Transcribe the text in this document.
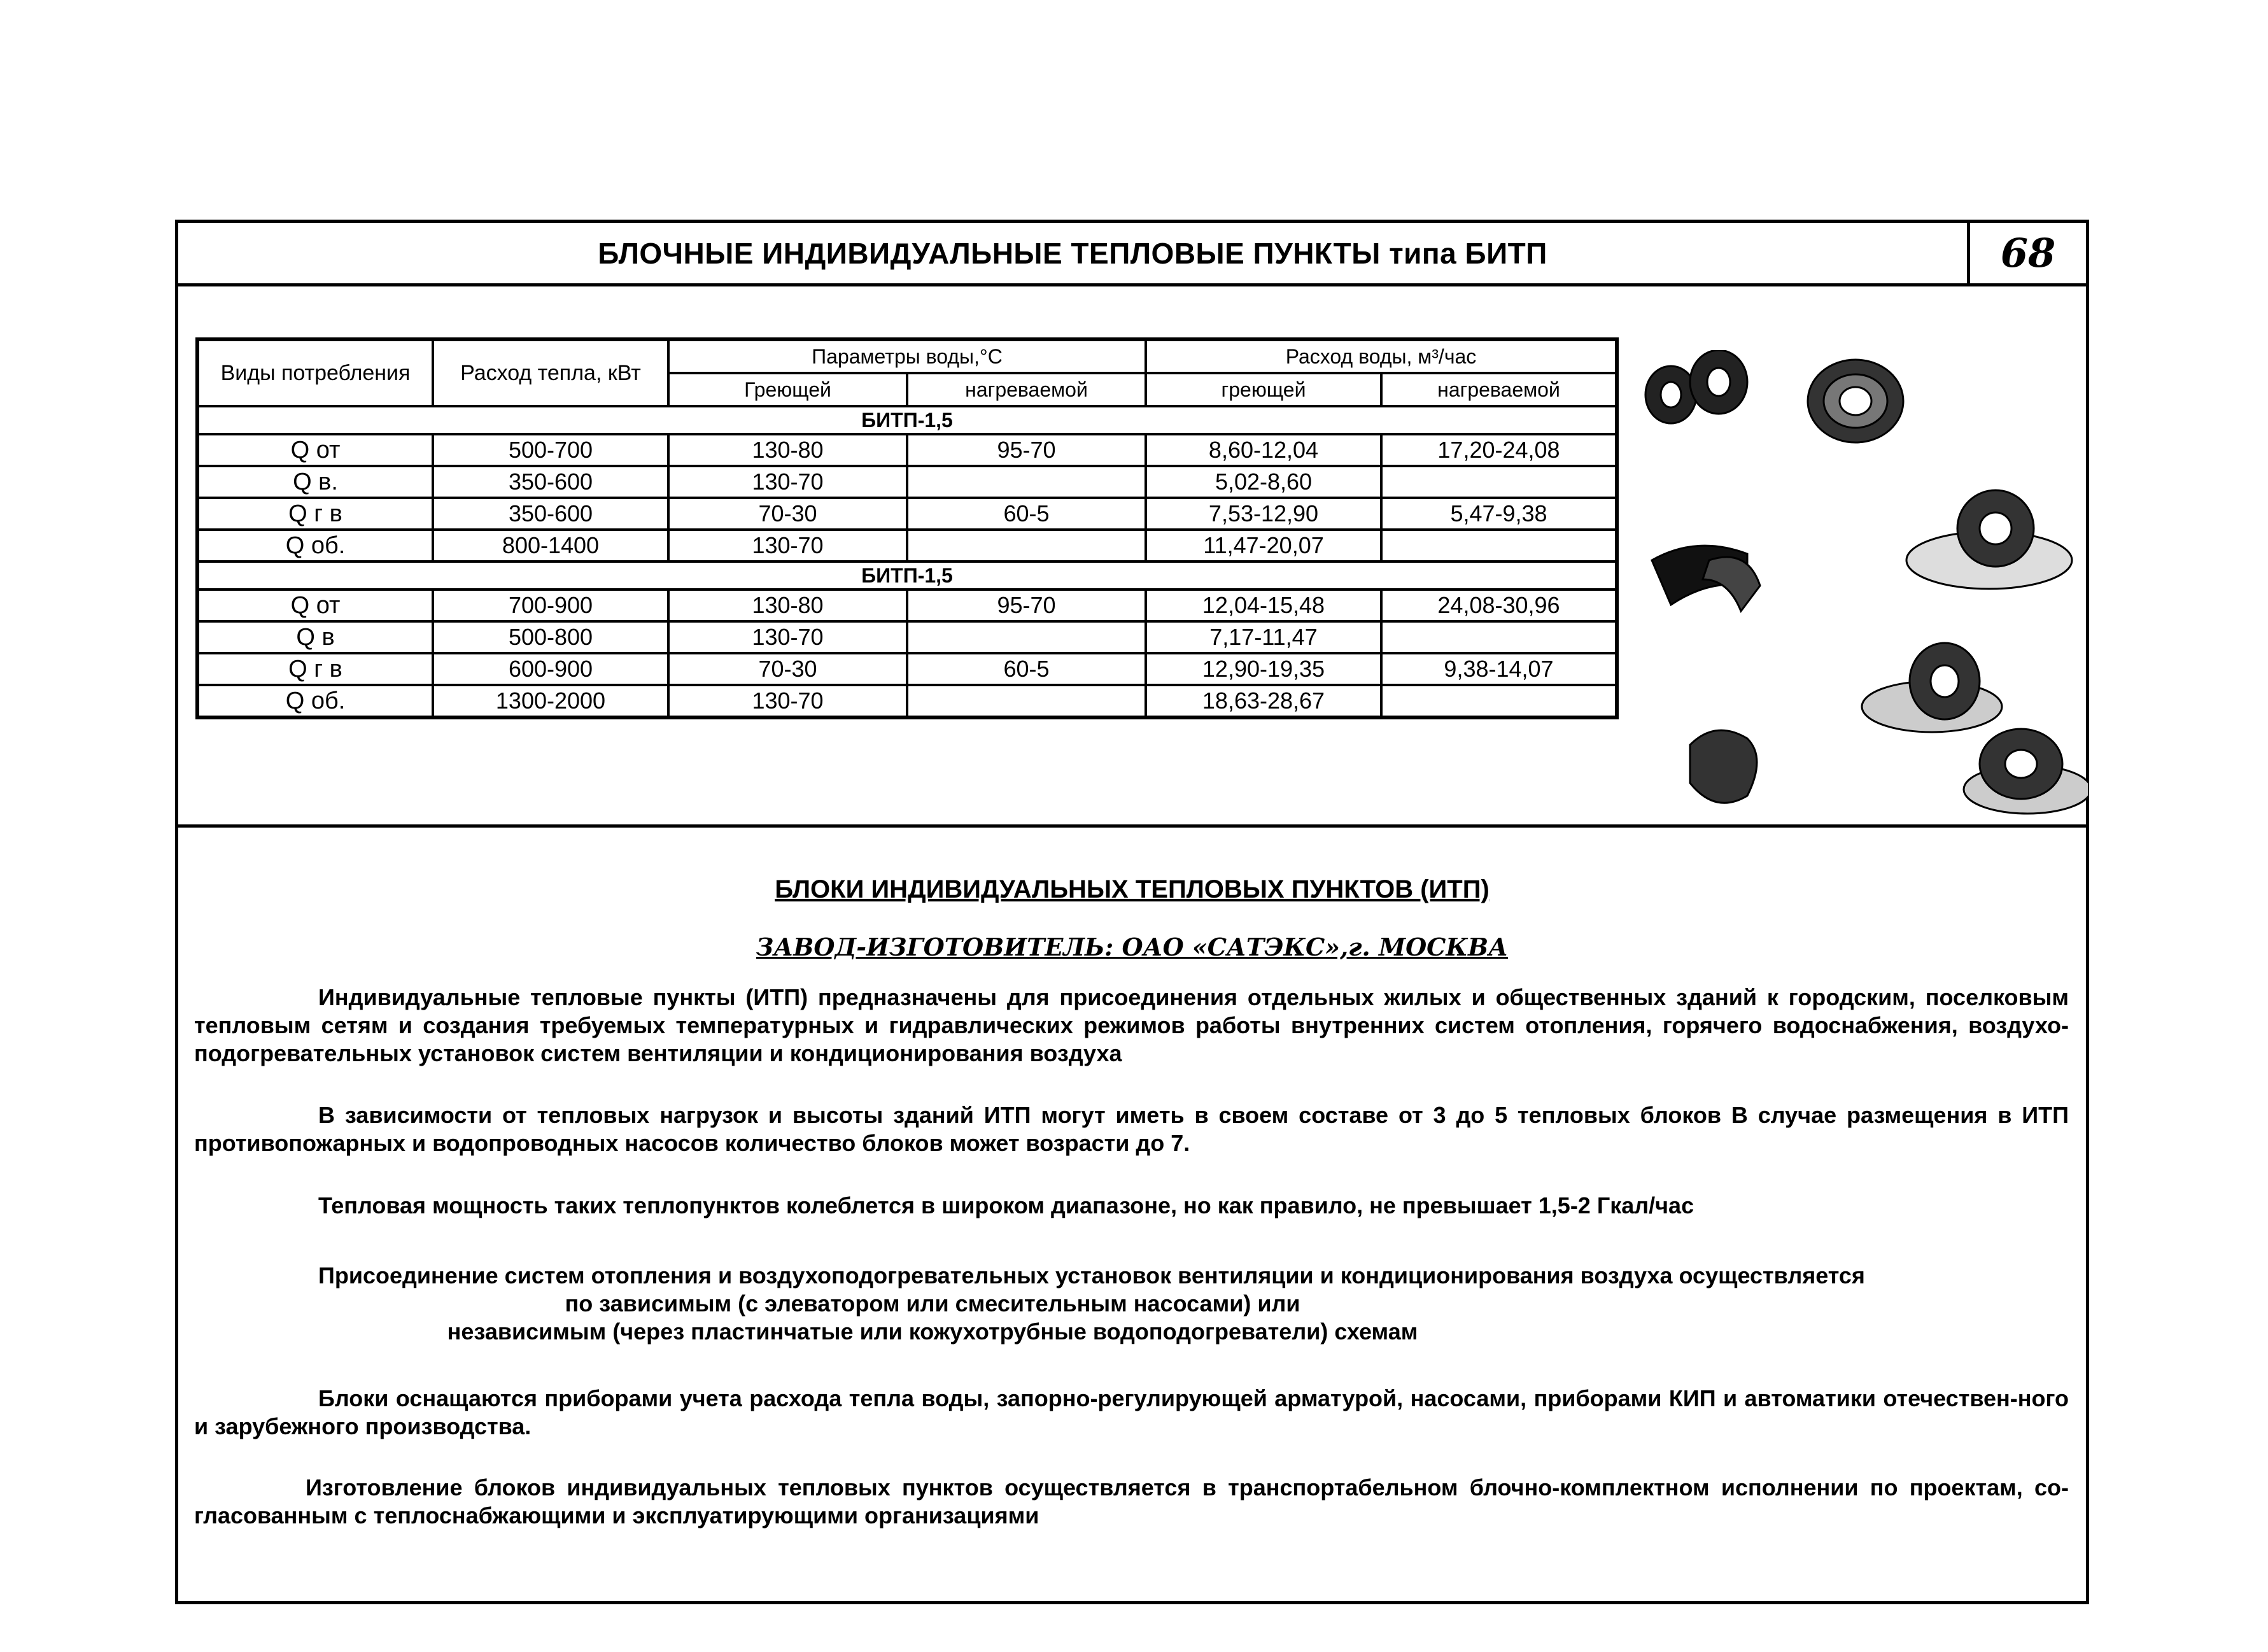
БЛОЧНЫЕ ИНДИВИДУАЛЬНЫЕ ТЕПЛОВЫЕ ПУНКТЫ типа БИТП	68
Виды потребления	Расход тепла, кВт	Параметры воды,°С		Расход воды, м³/час	
		Греющей	нагреваемой	греющей	нагреваемой
БИТП-1,5					
Q от	500-700	130-80	95-70	8,60-12,04	17,20-24,08
Q в.	350-600	130-70		5,02-8,60	
Q г в	350-600	70-30	60-5	7,53-12,90	5,47-9,38
Q об.	800-1400	130-70		11,47-20,07	
БИТП-1,5					
Q от	700-900	130-80	95-70	12,04-15,48	24,08-30,96
Q в	500-800	130-70		7,17-11,47	
Q г в	600-900	70-30	60-5	12,90-19,35	9,38-14,07
Q об.	1300-2000	130-70		18,63-28,67	
БЛОКИ ИНДИВИДУАЛЬНЫХ ТЕПЛОВЫХ ПУНКТОВ (ИТП)
ЗАВОД-ИЗГОТОВИТЕЛЬ: ОАО «САТЭКС»,г. МОСКВА
Индивидуальные тепловые пункты (ИТП) предназначены для присоединения отдельных жилых и общественных зданий к городским, поселковым тепловым сетям и создания требуемых температурных и гидравлических режимов работы внутренних систем отопления, горячего водоснабжения, воздухо-подогревательных установок систем вентиляции и кондиционирования воздуха
В зависимости от тепловых нагрузок и высоты зданий ИТП могут иметь в своем составе от 3 до 5 тепловых блоков В случае размещения в ИТП противопожарных и водопроводных насосов количество блоков может возрасти до 7.
Тепловая мощность таких теплопунктов колеблется в широком диапазоне, но как правило, не превышает 1,5-2 Гкал/час
Присоединение систем отопления и воздухоподогревательных установок вентиляции и кондиционирования воздуха осуществляется
по зависимым (с элеватором или смесительным насосами) или
независимым (через пластинчатые или кожухотрубные водоподогреватели) схемам
Блоки оснащаются приборами учета расхода тепла воды, запорно-регулирующей арматурой, насосами, приборами КИП и автоматики отечествен-ного и зарубежного производства.
Изготовление блоков индивидуальных тепловых пунктов осуществляется в транспортабельном блочно-комплектном исполнении по проектам, со-гласованным с теплоснабжающими и эксплуатирующими организациями
